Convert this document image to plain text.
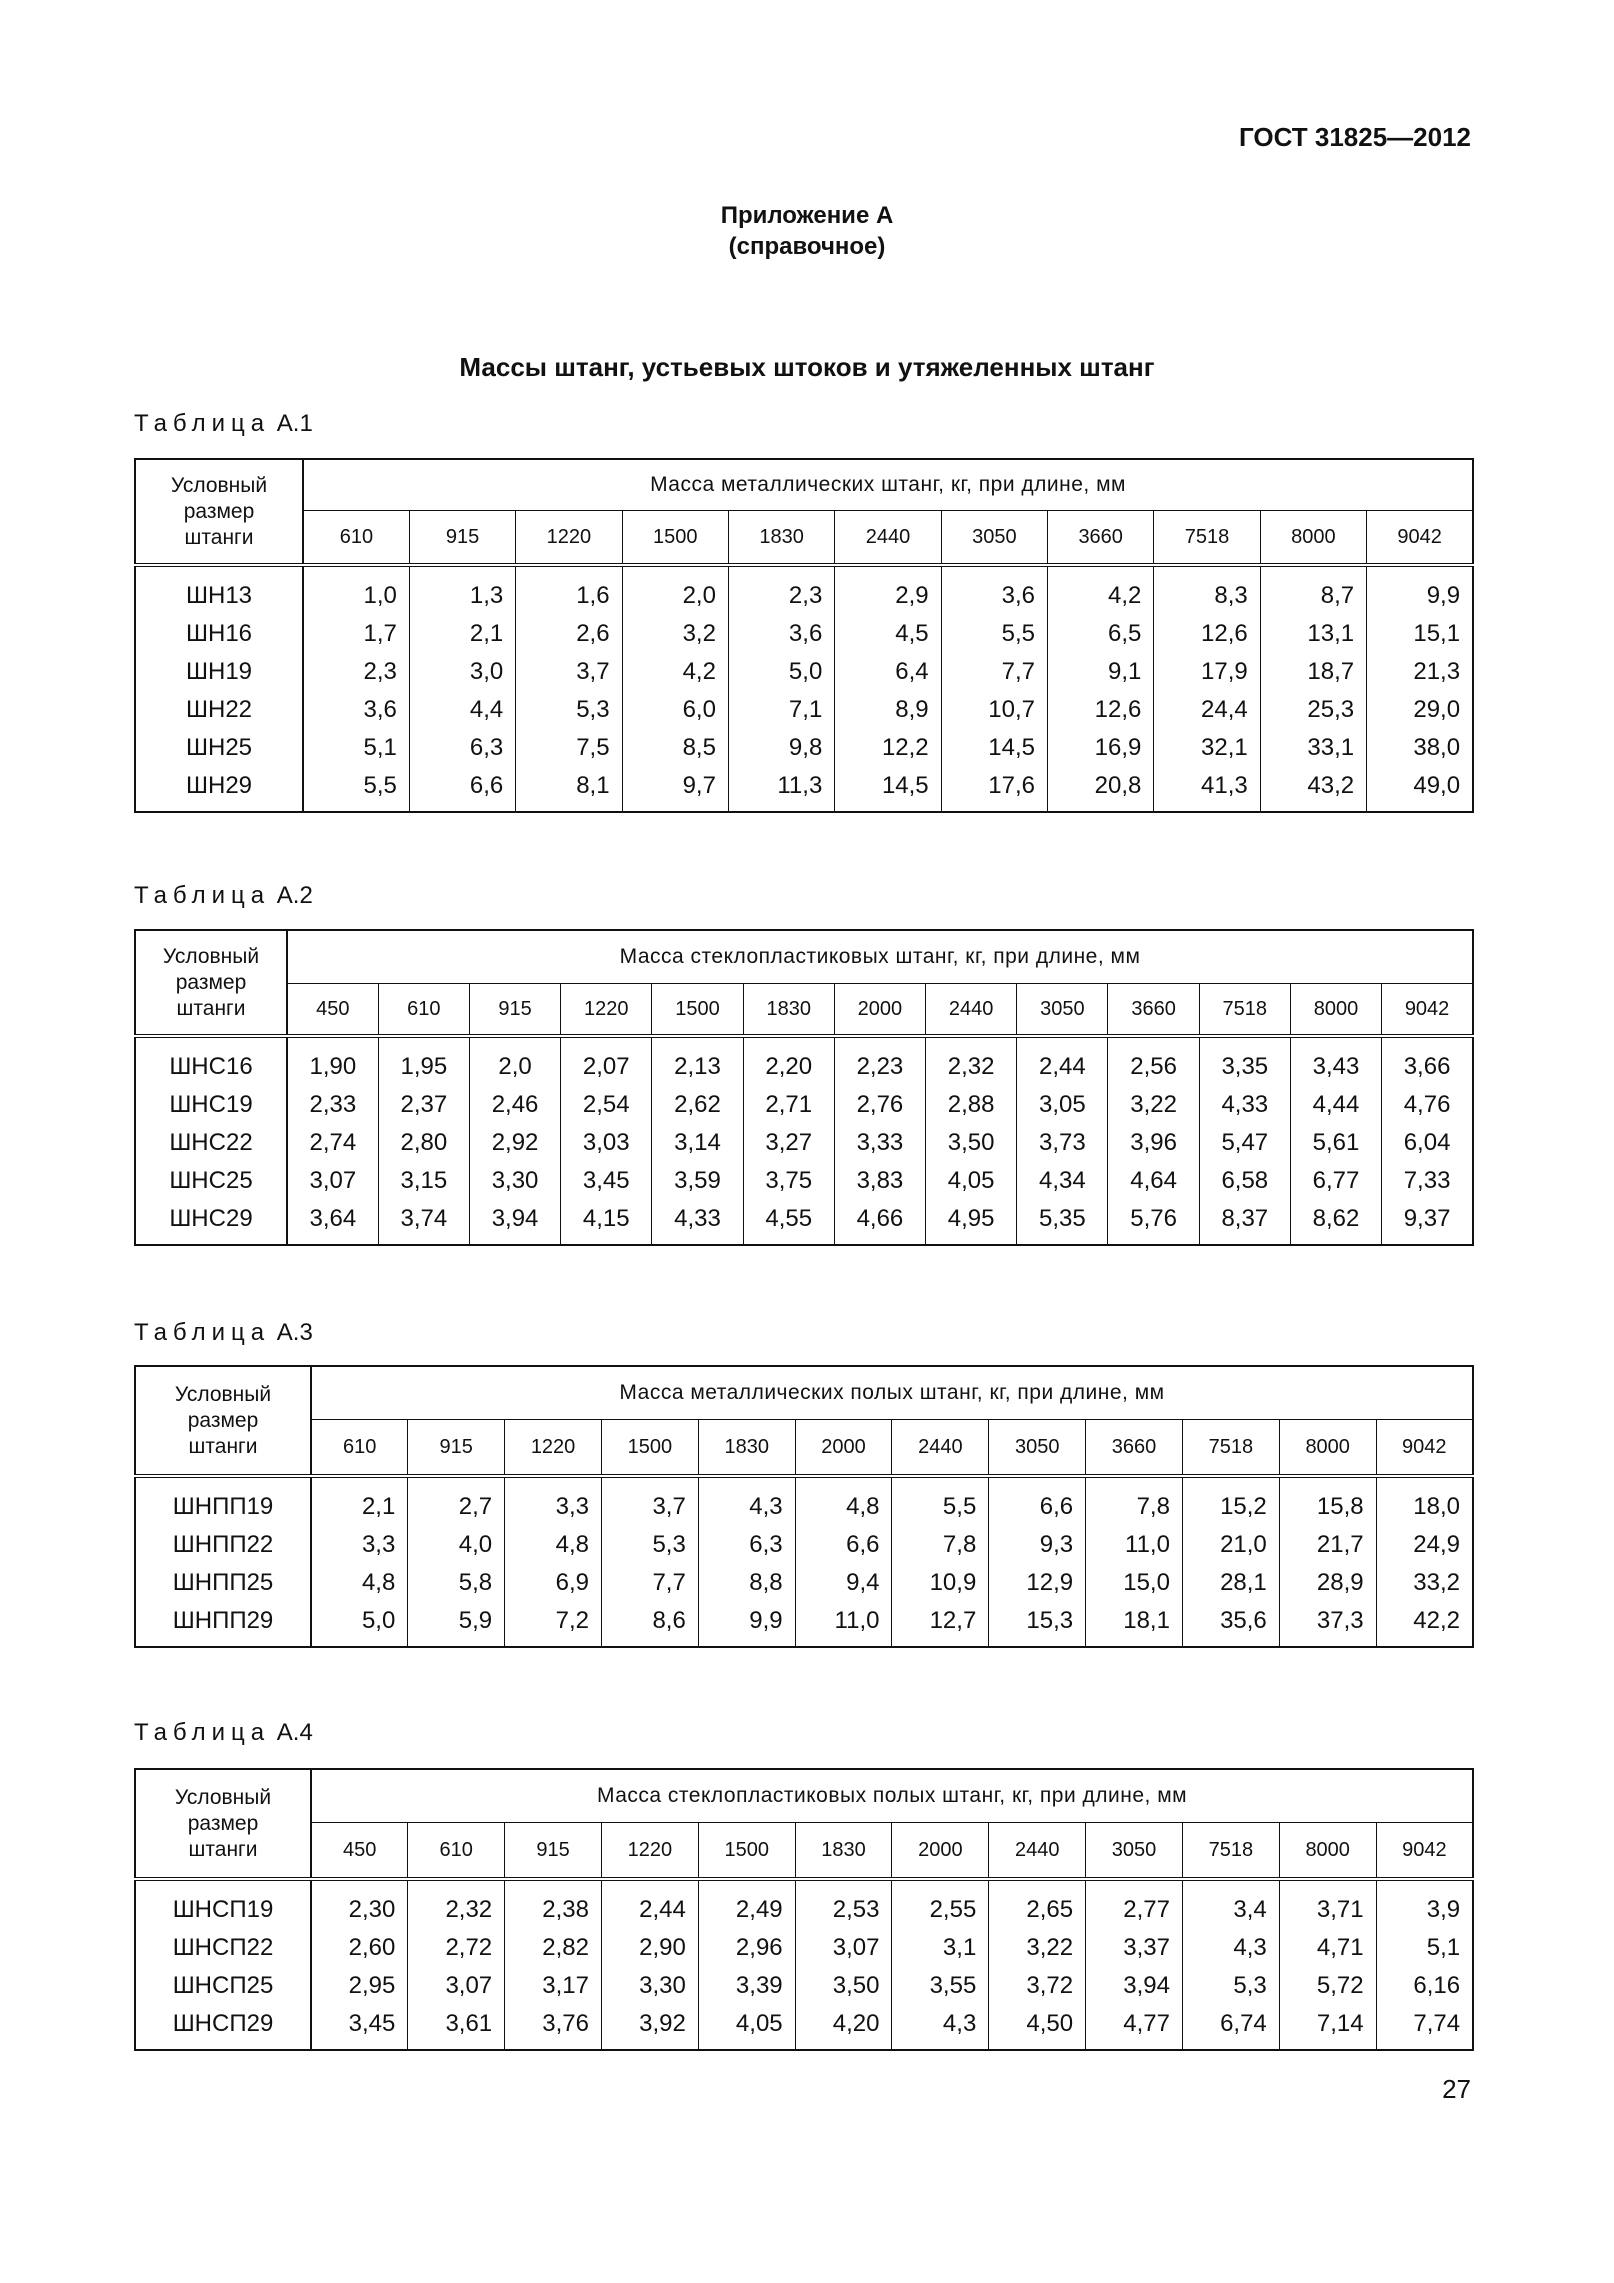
ГОСТ 31825—2012
Приложение А
(справочное)
Массы штанг, устьевых штоков и утяжеленных штанг
Таблица А.1
Таблица А.2
Таблица А.3
Таблица А.4
Условный
размер
штанги	Масса металлических штанг, кг, при длине, мм										
	610	915	1220	1500	1830	2440	3050	3660	7518	8000	9042

ШН13	1,0	1,3	1,6	2,0	2,3	2,9	3,6	4,2	8,3	8,7	9,9
ШН16	1,7	2,1	2,6	3,2	3,6	4,5	5,5	6,5	12,6	13,1	15,1
ШН19	2,3	3,0	3,7	4,2	5,0	6,4	7,7	9,1	17,9	18,7	21,3
ШН22	3,6	4,4	5,3	6,0	7,1	8,9	10,7	12,6	24,4	25,3	29,0
ШН25	5,1	6,3	7,5	8,5	9,8	12,2	14,5	16,9	32,1	33,1	38,0
ШН29	5,5	6,6	8,1	9,7	11,3	14,5	17,6	20,8	41,3	43,2	49,0

Условный
размер
штанги	Масса стеклопластиковых штанг, кг, при длине, мм												
	450	610	915	1220	1500	1830	2000	2440	3050	3660	7518	8000	9042

ШНС16	1,90	1,95	2,0	2,07	2,13	2,20	2,23	2,32	2,44	2,56	3,35	3,43	3,66
ШНС19	2,33	2,37	2,46	2,54	2,62	2,71	2,76	2,88	3,05	3,22	4,33	4,44	4,76
ШНС22	2,74	2,80	2,92	3,03	3,14	3,27	3,33	3,50	3,73	3,96	5,47	5,61	6,04
ШНС25	3,07	3,15	3,30	3,45	3,59	3,75	3,83	4,05	4,34	4,64	6,58	6,77	7,33
ШНС29	3,64	3,74	3,94	4,15	4,33	4,55	4,66	4,95	5,35	5,76	8,37	8,62	9,37

Условный
размер
штанги	Масса металлических полых штанг, кг, при длине, мм											
	610	915	1220	1500	1830	2000	2440	3050	3660	7518	8000	9042

ШНПП19	2,1	2,7	3,3	3,7	4,3	4,8	5,5	6,6	7,8	15,2	15,8	18,0
ШНПП22	3,3	4,0	4,8	5,3	6,3	6,6	7,8	9,3	11,0	21,0	21,7	24,9
ШНПП25	4,8	5,8	6,9	7,7	8,8	9,4	10,9	12,9	15,0	28,1	28,9	33,2
ШНПП29	5,0	5,9	7,2	8,6	9,9	11,0	12,7	15,3	18,1	35,6	37,3	42,2

Условный
размер
штанги	Масса стеклопластиковых полых штанг, кг, при длине, мм											
	450	610	915	1220	1500	1830	2000	2440	3050	7518	8000	9042

ШНСП19	2,30	2,32	2,38	2,44	2,49	2,53	2,55	2,65	2,77	3,4	3,71	3,9
ШНСП22	2,60	2,72	2,82	2,90	2,96	3,07	3,1	3,22	3,37	4,3	4,71	5,1
ШНСП25	2,95	3,07	3,17	3,30	3,39	3,50	3,55	3,72	3,94	5,3	5,72	6,16
ШНСП29	3,45	3,61	3,76	3,92	4,05	4,20	4,3	4,50	4,77	6,74	7,14	7,74

27
